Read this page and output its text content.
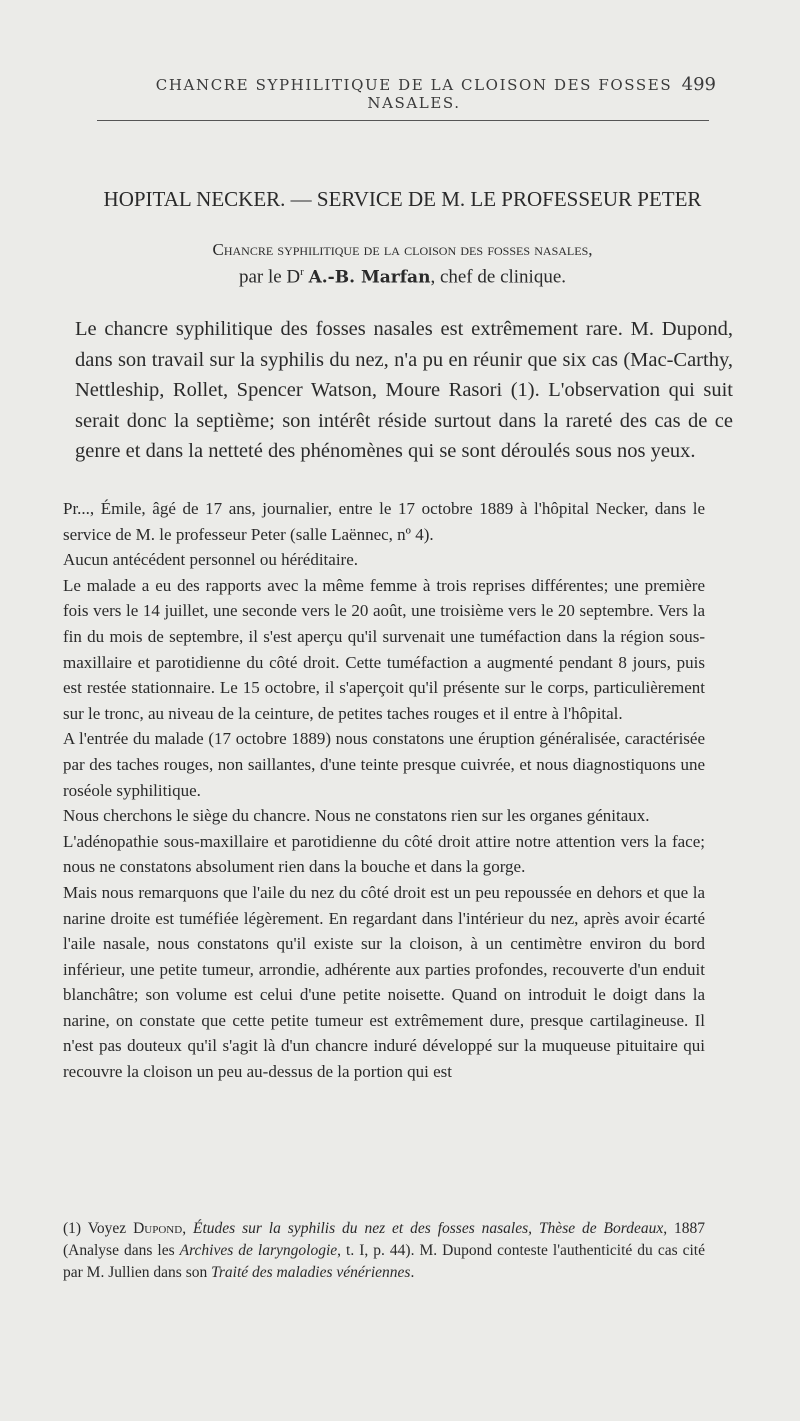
CHANCRE SYPHILITIQUE DE LA CLOISON DES FOSSES NASALES.
499
HOPITAL NECKER. — SERVICE DE M. LE PROFESSEUR PETER
Chancre syphilitique de la cloison des fosses nasales,
par le $D^r$ A.-B. Marfan, chef de clinique.

Le chancre syphilitique des fosses nasales est extrêmement rare. M. Dupond, dans son travail sur la syphilis du nez, n'a pu en réunir que six cas (Mac-Carthy, Nettleship, Rollet, Spencer Watson, Moure Rasori (1). L'observation qui suit serait donc la septième; son intérêt réside surtout dans la rareté des cas de ce genre et dans la netteté des phénomènes qui se sont déroulés sous nos yeux.

Pr..., Émile, âgé de 17 ans, journalier, entre le 17 octobre 1889 à l'hôpital Necker, dans le service de M. le professeur Peter (salle Laënnec, nº 4).

Aucun antécédent personnel ou héréditaire.

Le malade a eu des rapports avec la même femme à trois reprises différentes; une première fois vers le 14 juillet, une seconde vers le 20 août, une troisième vers le 20 septembre. Vers la fin du mois de septembre, il s'est aperçu qu'il survenait une tuméfaction dans la région sous-maxillaire et parotidienne du côté droit. Cette tuméfaction a augmenté pendant 8 jours, puis est restée stationnaire. Le 15 octobre, il s'aperçoit qu'il présente sur le corps, particulièrement sur le tronc, au niveau de la ceinture, de petites taches rouges et il entre à l'hôpital.

A l'entrée du malade (17 octobre 1889) nous constatons une éruption généralisée, caractérisée par des taches rouges, non saillantes, d'une teinte presque cuivrée, et nous diagnostiquons une roséole syphilitique.

Nous cherchons le siège du chancre. Nous ne constatons rien sur les organes génitaux.

L'adénopathie sous-maxillaire et parotidienne du côté droit attire notre attention vers la face; nous ne constatons absolument rien dans la bouche et dans la gorge.

Mais nous remarquons que l'aile du nez du côté droit est un peu repoussée en dehors et que la narine droite est tuméfiée légèrement. En regardant dans l'intérieur du nez, après avoir écarté l'aile nasale, nous constatons qu'il existe sur la cloison, à un centimètre environ du bord inférieur, une petite tumeur, arrondie, adhérente aux parties profondes, recouverte d'un enduit blanchâtre; son volume est celui d'une petite noisette. Quand on introduit le doigt dans la narine, on constate que cette petite tumeur est extrêmement dure, presque cartilagineuse. Il n'est pas douteux qu'il s'agit là d'un chancre induré développé sur la muqueuse pituitaire qui recouvre la cloison un peu au-dessus de la portion qui est

(1) Voyez Dupond, Études sur la syphilis du nez et des fosses nasales, Thèse de Bordeaux, 1887 (Analyse dans les Archives de laryngologie, t. I, p. 44). M. Dupond conteste l'authenticité du cas cité par M. Jullien dans son Traité des maladies vénériennes.
